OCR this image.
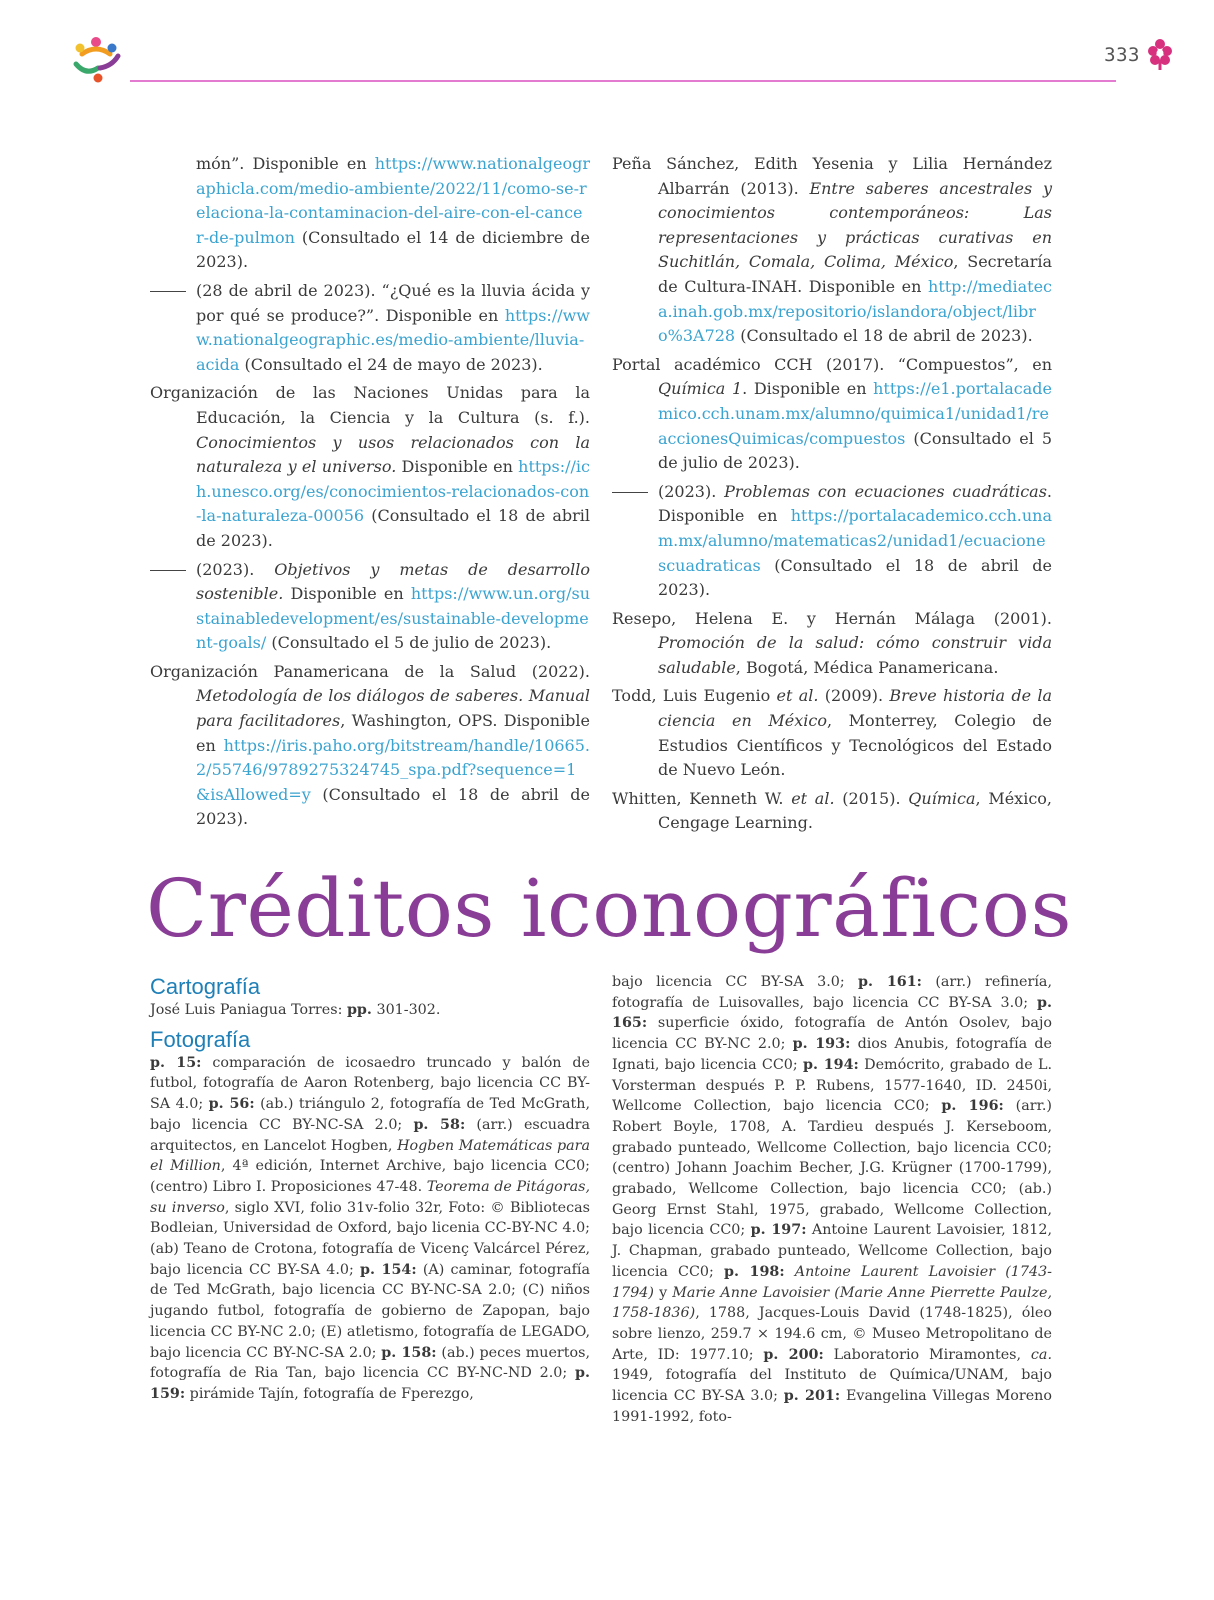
333

món”. Disponible en https://www.nationalgeographicla.com/medio-ambiente/2022/11/como-se-relaciona-la-contaminacion-del-aire-con-el-cancer-de-pulmon (Consultado el 14 de diciembre de 2023).

(28 de abril de 2023). “¿Qué es la lluvia ácida y por qué se produce?”. Disponible en https://www.nationalgeographic.es/medio-ambiente/lluvia-acida (Consultado el 24 de mayo de 2023).

Organización de las Naciones Unidas para la Educación, la Ciencia y la Cultura (s. f.). Conocimientos y usos relacionados con la naturaleza y el universo. Disponible en https://ich.unesco.org/es/conocimientos-relacionados-con-la-naturaleza-00056 (Consultado el 18 de abril de 2023).

(2023). Objetivos y metas de desarrollo sostenible. Disponible en https://www.un.org/sustainabledevelopment/es/sustainable-development-goals/ (Consultado el 5 de julio de 2023).

Organización Panamericana de la Salud (2022). Metodología de los diálogos de saberes. Manual para facilitadores, Washington, OPS. Disponible en https://iris.paho.org/bitstream/handle/10665.2/55746/9789275324745_spa.pdf?sequence=1&isAllowed=y (Consultado el 18 de abril de 2023).

Peña Sánchez, Edith Yesenia y Lilia Hernández Albarrán (2013). Entre saberes ancestrales y conocimientos contemporáneos: Las representaciones y prácticas curativas en Suchitlán, Comala, Colima, México, Secretaría de Cultura-INAH. Disponible en http://mediateca.inah.gob.mx/repositorio/islandora/object/libro%3A728 (Consultado el 18 de abril de 2023).

Portal académico CCH (2017). “Compuestos”, en Química 1. Disponible en https://e1.portalacademico.cch.unam.mx/alumno/quimica1/unidad1/reaccionesQuimicas/compuestos (Consultado el 5 de julio de 2023).

(2023). Problemas con ecuaciones cuadráticas. Disponible en https://portalacademico.cch.unam.mx/alumno/matematicas2/unidad1/ecuacionescuadraticas (Consultado el 18 de abril de 2023).

Resepo, Helena E. y Hernán Málaga (2001). Promoción de la salud: cómo construir vida saludable, Bogotá, Médica Panamericana.

Todd, Luis Eugenio et al. (2009). Breve historia de la ciencia en México, Monterrey, Colegio de Estudios Científicos y Tecnológicos del Estado de Nuevo León.

Whitten, Kenneth W. et al. (2015). Química, México, Cengage Learning.

Créditos iconográficos
Cartografía

José Luis Paniagua Torres: pp. 301-302.

Fotografía

p. 15: comparación de icosaedro truncado y balón de futbol, fotografía de Aaron Rotenberg, bajo licencia CC BY-SA 4.0; p. 56: (ab.) triángulo 2, fotografía de Ted McGrath, bajo licencia CC BY-NC-SA 2.0; p. 58: (arr.) escuadra arquitectos, en Lancelot Hogben, Hogben Matemáticas para el Million, 4ª edición, Internet Archive, bajo licencia CC0; (centro) Libro I. Proposiciones 47-48. Teorema de Pitágoras, su inverso, siglo XVI, folio 31v-folio 32r, Foto: © Bibliotecas Bodleian, Universidad de Oxford, bajo licenia CC-BY-NC 4.0; (ab) Teano de Crotona, fotografía de Vicenç Valcárcel Pérez, bajo licencia CC BY-SA 4.0; p. 154: (A) caminar, fotografía de Ted McGrath, bajo licencia CC BY-NC-SA 2.0; (C) niños jugando futbol, fotografía de gobierno de Zapopan, bajo licencia CC BY-NC 2.0; (E) atletismo, fotografía de LEGADO, bajo licencia CC BY-NC-SA 2.0; p. 158: (ab.) peces muertos, fotografía de Ria Tan, bajo licencia CC BY-NC-ND 2.0; p. 159: pirámide Tajín, fotografía de Fperezgo,

bajo licencia CC BY-SA 3.0; p. 161: (arr.) refinería, fotografía de Luisovalles, bajo licencia CC BY-SA 3.0; p. 165: superficie óxido, fotografía de Antón Osolev, bajo licencia CC BY-NC 2.0; p. 193: dios Anubis, fotografía de Ignati, bajo licencia CC0; p. 194: Demócrito, grabado de L. Vorsterman después P. P. Rubens, 1577-1640, ID. 2450i, Wellcome Collection, bajo licencia CC0; p. 196: (arr.) Robert Boyle, 1708, A. Tardieu después J. Kerseboom, grabado punteado, Wellcome Collection, bajo licencia CC0; (centro) Johann Joachim Becher, J.G. Krügner (1700-1799), grabado, Wellcome Collection, bajo licencia CC0; (ab.) Georg Ernst Stahl, 1975, grabado, Wellcome Collection, bajo licencia CC0; p. 197: Antoine Laurent Lavoisier, 1812, J. Chapman, grabado punteado, Wellcome Collection, bajo licencia CC0; p. 198: Antoine Laurent Lavoisier (1743-1794) y Marie Anne Lavoisier (Marie Anne Pierrette Paulze, 1758-1836), 1788, Jacques-Louis David (1748-1825), óleo sobre lienzo, 259.7 × 194.6 cm, © Museo Metropolitano de Arte, ID: 1977.10; p. 200: Laboratorio Miramontes, ca. 1949, fotografía del Instituto de Química/UNAM, bajo licencia CC BY-SA 3.0; p. 201: Evangelina Villegas Moreno 1991-1992, foto-
